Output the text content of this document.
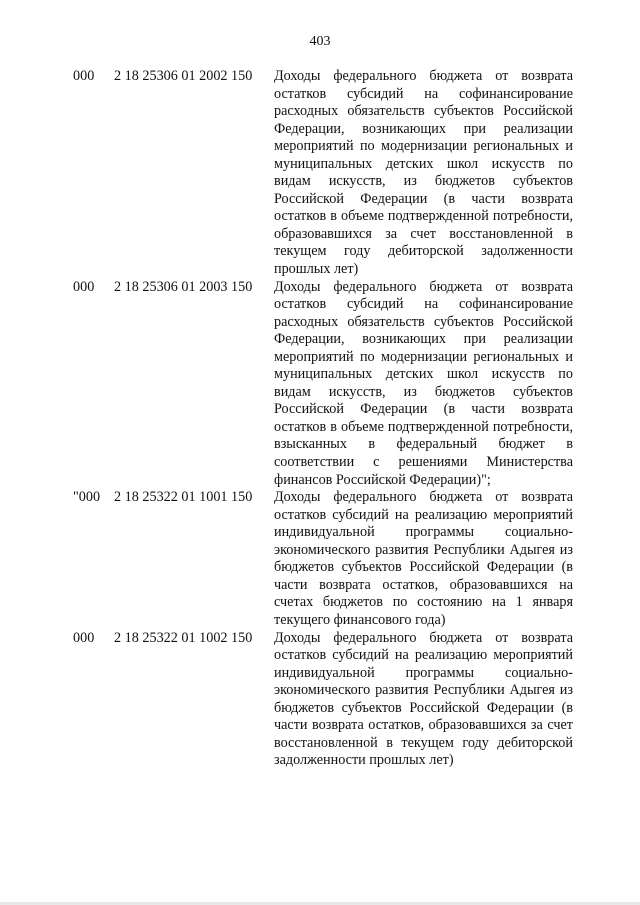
403
000 2 18 25306 01 2002 150 Доходы федерального бюджета от возврата остатков субсидий на софинансирование расходных обязательств субъектов Российской Федерации, возникающих при реализации мероприятий по модернизации региональных и муниципальных детских школ искусств по видам искусств, из бюджетов субъектов Российской Федерации (в части возврата остатков в объеме подтвержденной потребности, образовавшихся за счет восстановленной в текущем году дебиторской задолженности прошлых лет)
000 2 18 25306 01 2003 150 Доходы федерального бюджета от возврата остатков субсидий на софинансирование расходных обязательств субъектов Российской Федерации, возникающих при реализации мероприятий по модернизации региональных и муниципальных детских школ искусств по видам искусств, из бюджетов субъектов Российской Федерации (в части возврата остатков в объеме подтвержденной потребности, взысканных в федеральный бюджет в соответствии с решениями Министерства финансов Российской Федерации)";
"000 2 18 25322 01 1001 150 Доходы федерального бюджета от возврата остатков субсидий на реализацию мероприятий индивидуальной программы социально-экономического развития Республики Адыгея из бюджетов субъектов Российской Федерации (в части возврата остатков, образовавшихся на счетах бюджетов по состоянию на 1 января текущего финансового года)
000 2 18 25322 01 1002 150 Доходы федерального бюджета от возврата остатков субсидий на реализацию мероприятий индивидуальной программы социально-экономического развития Республики Адыгея из бюджетов субъектов Российской Федерации (в части возврата остатков, образовавшихся за счет восстановленной в текущем году дебиторской задолженности прошлых лет)
